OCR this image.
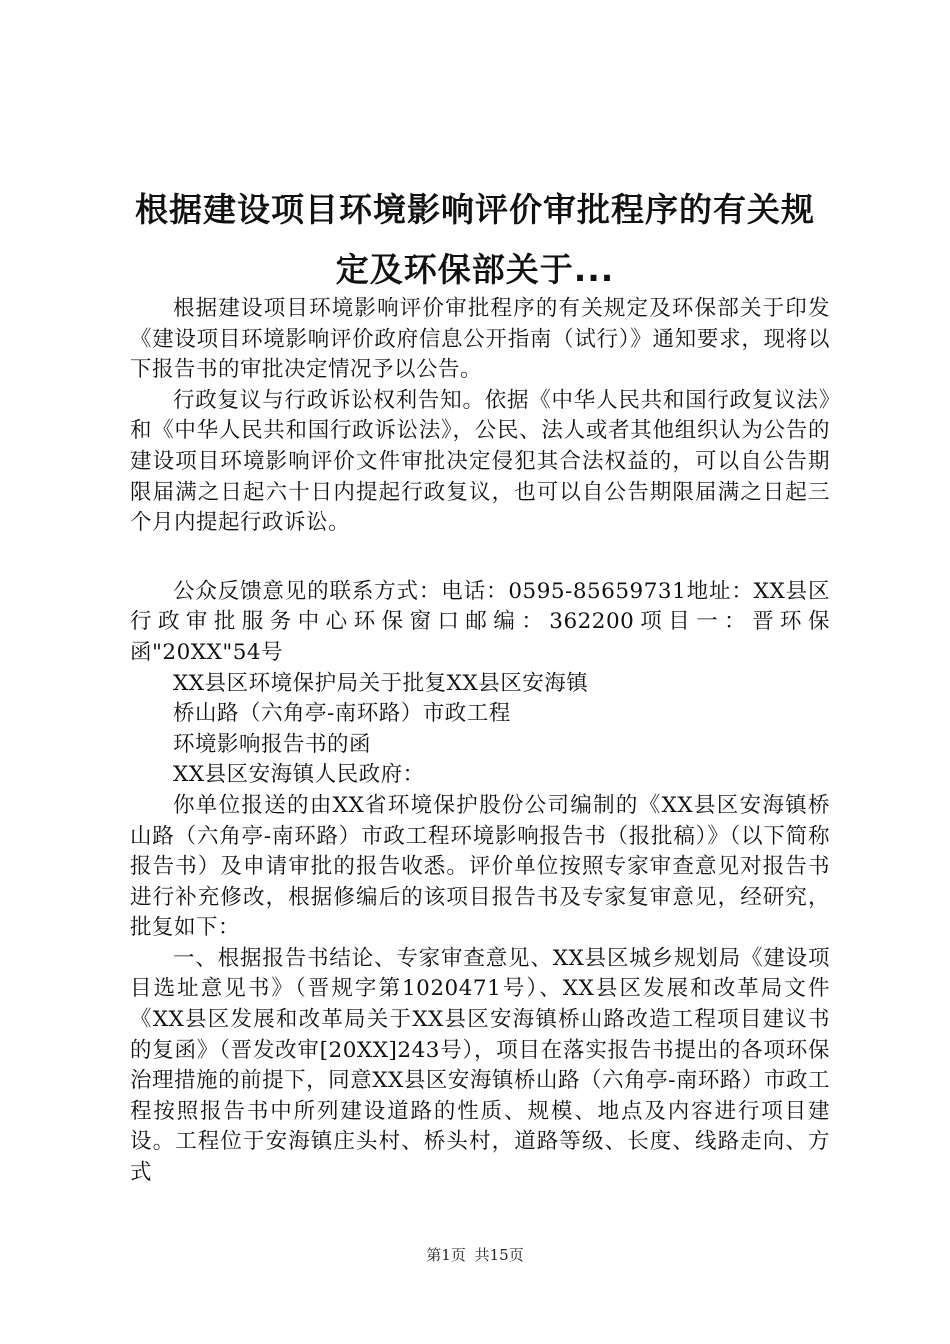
根据建设项目环境影响评价审批程序的有关规
定及环保部关于...

根据建设项目环境影响评价审批程序的有关规定及环保部关于印发《建设项目环境影响评价政府信息公开指南（试行）》通知要求，现将以下报告书的审批决定情况予以公告。

行政复议与行政诉讼权利告知。依据《中华人民共和国行政复议法》和《中华人民共和国行政诉讼法》，公民、法人或者其他组织认为公告的建设项目环境影响评价文件审批决定侵犯其合法权益的，可以自公告期限届满之日起六十日内提起行政复议，也可以自公告期限届满之日起三个月内提起行政诉讼。

公众反馈意见的联系方式：电话：0595-85659731地址：XX县区行政审批服务中心环保窗口邮编：362200项目一：晋环保函"20XX"54号

XX县区环境保护局关于批复XX县区安海镇

桥山路（六角亭-南环路）市政工程

环境影响报告书的函

XX县区安海镇人民政府：

你单位报送的由XX省环境保护股份公司编制的《XX县区安海镇桥山路（六角亭-南环路）市政工程环境影响报告书（报批稿）》（以下简称报告书）及申请审批的报告收悉。评价单位按照专家审查意见对报告书进行补充修改，根据修编后的该项目报告书及专家复审意见，经研究，批复如下：

一、根据报告书结论、专家审查意见、XX县区城乡规划局《建设项目选址意见书》（晋规字第1020471号）、XX县区发展和改革局文件《XX县区发展和改革局关于XX县区安海镇桥山路改造工程项目建议书的复函》（晋发改审[20XX]243号），项目在落实报告书提出的各项环保治理措施的前提下，同意XX县区安海镇桥山路（六角亭-南环路）市政工程按照报告书中所列建设道路的性质、规模、地点及内容进行项目建设。工程位于安海镇庄头村、桥头村，道路等级、长度、线路走向、方式

第1页 共15页
